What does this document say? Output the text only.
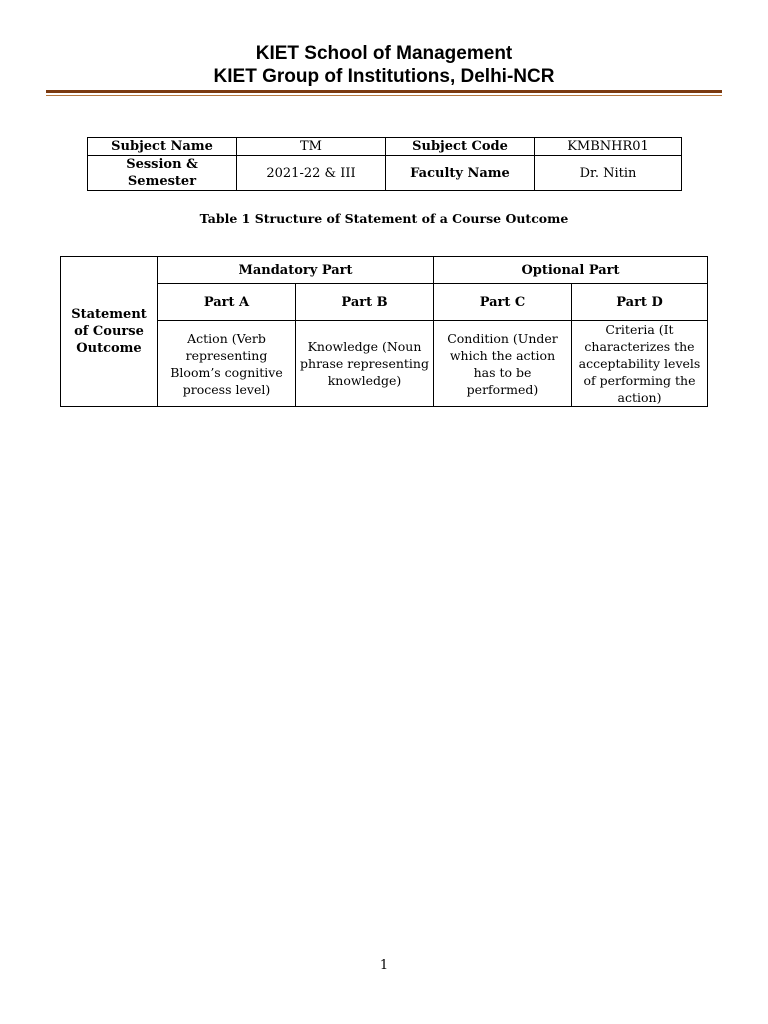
KIET School of Management
KIET Group of Institutions, Delhi-NCR
Subject Name	TM	Subject Code	KMBNHR01
Session & Semester	2021-22 & III	Faculty Name	Dr. Nitin
Table 1 Structure of Statement of a Course Outcome
Statement of Course Outcome	Mandatory Part		Optional Part	
	Part A	Part B	Part C	Part D
	Action (Verb representing Bloom’s cognitive process level)	Knowledge (Noun phrase representing knowledge)	Condition (Under which the action has to be performed)	Criteria (It characterizes the acceptability levels of performing the action)
1
